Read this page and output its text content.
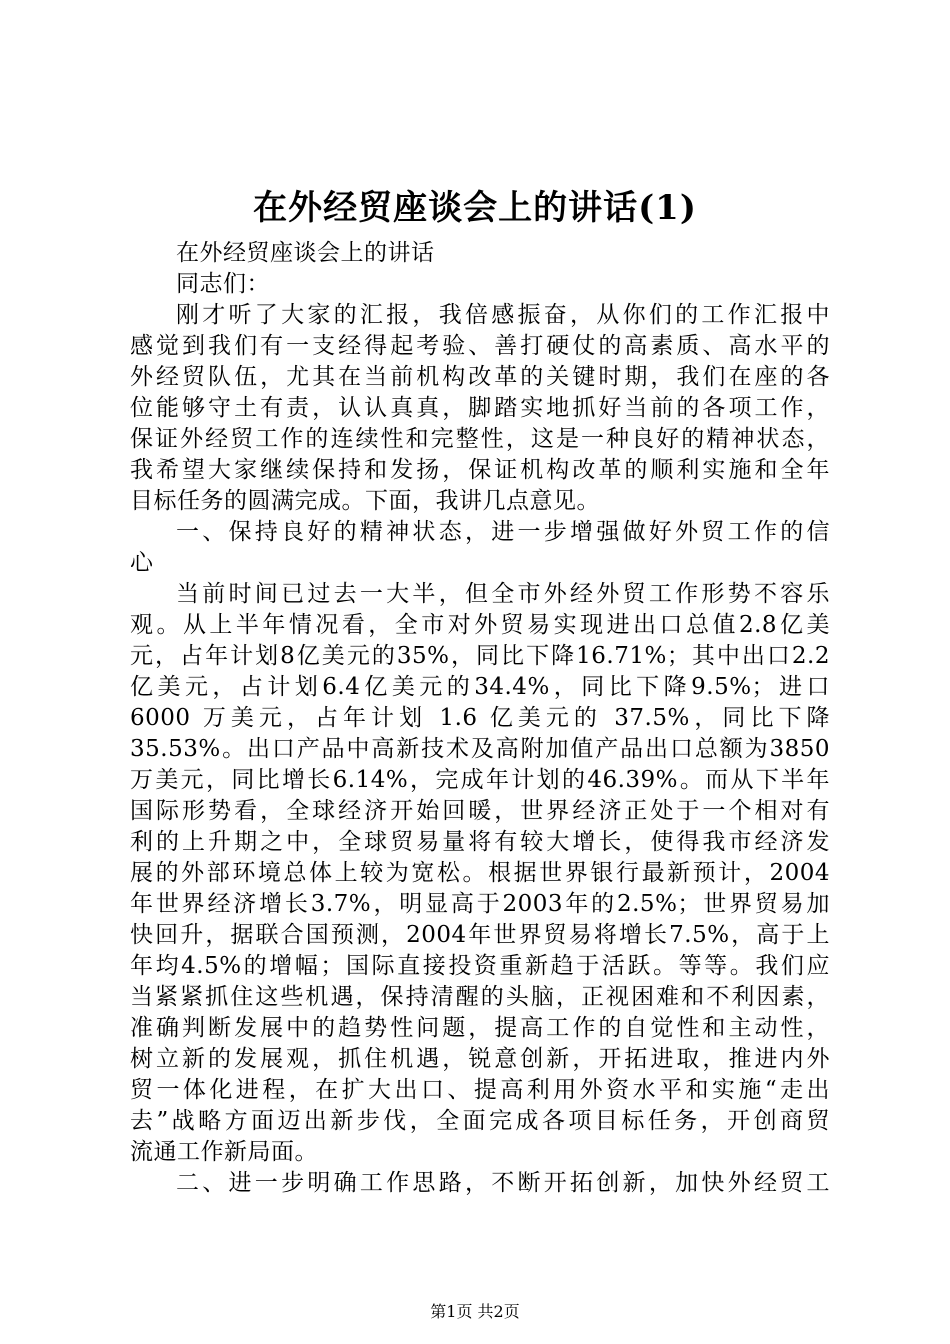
在外经贸座谈会上的讲话(1)
在外经贸座谈会上的讲话
同志们：
刚才听了大家的汇报，我倍感振奋，从你们的工作汇报中
感觉到我们有一支经得起考验、善打硬仗的高素质、高水平的
外经贸队伍，尤其在当前机构改革的关键时期，我们在座的各
位能够守土有责，认认真真，脚踏实地抓好当前的各项工作，
保证外经贸工作的连续性和完整性，这是一种良好的精神状态，
我希望大家继续保持和发扬，保证机构改革的顺利实施和全年
目标任务的圆满完成。下面，我讲几点意见。
一、保持良好的精神状态，进一步增强做好外贸工作的信
心
当前时间已过去一大半，但全市外经外贸工作形势不容乐
观。从上半年情况看，全市对外贸易实现进出口总值2.8亿美
元，占年计划8亿美元的35%，同比下降16.71%；其中出口2.2
亿美元，占计划6.4亿美元的34.4%，同比下降9.5%；进口
6000 万美元，占年计划 1.6 亿美元的 37.5%，同比下降
35.53%。出口产品中高新技术及高附加值产品出口总额为3850
万美元，同比增长6.14%，完成年计划的46.39%。而从下半年
国际形势看，全球经济开始回暖，世界经济正处于一个相对有
利的上升期之中，全球贸易量将有较大增长，使得我市经济发
展的外部环境总体上较为宽松。根据世界银行最新预计，2004
年世界经济增长3.7%，明显高于2003年的2.5%；世界贸易加
快回升，据联合国预测，2004年世界贸易将增长7.5%，高于上
年均4.5%的增幅；国际直接投资重新趋于活跃。等等。我们应
当紧紧抓住这些机遇，保持清醒的头脑，正视困难和不利因素，
准确判断发展中的趋势性问题，提高工作的自觉性和主动性，
树立新的发展观，抓住机遇，锐意创新，开拓进取，推进内外
贸一体化进程，在扩大出口、提高利用外资水平和实施“走出
去”战略方面迈出新步伐，全面完成各项目标任务，开创商贸
流通工作新局面。
二、进一步明确工作思路，不断开拓创新，加快外经贸工
第1页 共2页
